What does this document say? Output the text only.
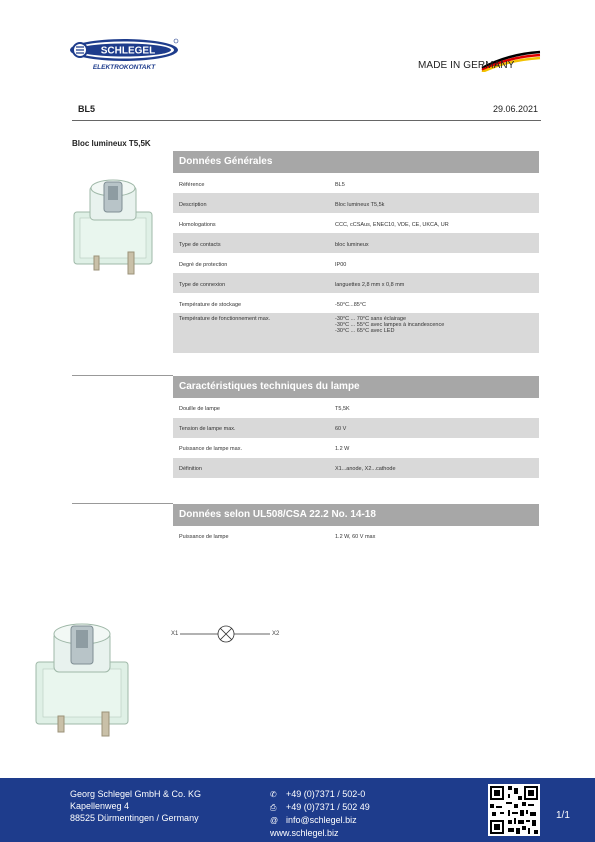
SCHLEGEL
ELEKTROKONTAKT	MADE IN GERMANY
BL5	29.06.2021
Bloc lumineux T5,5K
Données Générales
Référence	BL5
Description	Bloc lumineux T5,5k
Homologations	CCC, cCSAus, ENEC10, VDE, CE, UKCA, UR
Type de contacts	bloc lumineux
Degré de protection	IP00
Type de connexion	languettes 2,8 mm x 0,8 mm
Température de stockage	-50°C...85°C
Température de fonctionnement max.	-30°C ... 70°C sans éclairage
-30°C ... 55°C avec lampes à incandescence
-30°C ... 65°C avec LED
Caractéristiques techniques du lampe
Douille de lampe	T5,5K
Tension de lampe max.	60 V
Puissance de lampe max.	1.2 W
Définition	X1...anode, X2...cathode
Données selon UL508/CSA 22.2 No. 14-18
Puissance de lampe	1.2 W, 60 V max
X1	X2
Georg Schlegel GmbH & Co. KG
Kapellenweg 4
88525 Dürmentingen / Germany
✆ +49 (0)7371 / 502-0
⎙ +49 (0)7371 / 502 49
@ info@schlegel.biz
www.schlegel.biz
1/1
